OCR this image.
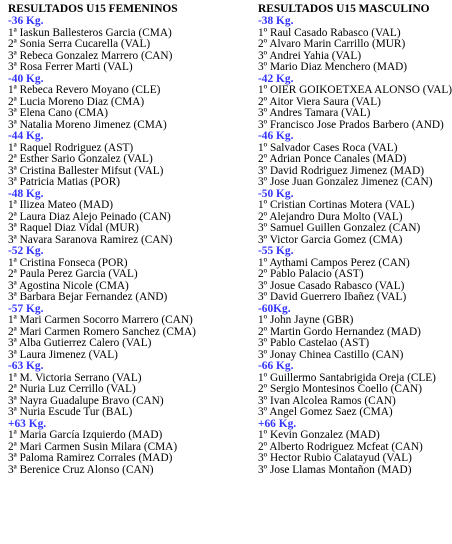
RESULTADOS U15 FEMENINOS
-36 Kg.
1ª Iaskun Ballesteros Garcia (CMA)
2ª Sonia Serra Cucarella (VAL)
3ª Rebeca Gonzalez Marrero (CAN)
3ª Rosa Ferrer Marti (VAL)
-40 Kg.
1ª Rebeca Revero Moyano (CLE)
2ª Lucia Moreno Diaz (CMA)
3ª Elena Cano (CMA)
3ª Natalia Moreno Jimenez (CMA)
-44 Kg.
1ª Raquel Rodriguez (AST)
2ª Esther Sario Gonzalez (VAL)
3ª Cristina Ballester Mifsut (VAL)
3ª Patricia Matias (POR)
-48 Kg.
1ª Ilizea Mateo (MAD)
2ª Laura Diaz Alejo Peinado (CAN)
3ª Raquel Diaz Vidal (MUR)
3ª Navara Saranova Ramirez (CAN)
-52 Kg.
1ª Cristina Fonseca (POR)
2ª Paula Perez Garcia (VAL)
3ª Agostina Nicole (CMA)
3ª Barbara Bejar Fernandez (AND)
-57 Kg.
1ª Mari Carmen Socorro Marrero (CAN)
2ª Mari Carmen Romero Sanchez (CMA)
3ª Alba Gutierrez Calero (VAL)
3ª Laura Jimenez (VAL)
-63 Kg.
1ª M. Victoria Serrano (VAL)
2ª Nuria Luz Cerrillo (VAL)
3ª Nayra Guadalupe Bravo (CAN)
3ª Nuria Escude Tur (BAL)
+63 Kg.
1ª Maria García Izquierdo (MAD)
2ª Mari Carmen Susin Milara (CMA)
3ª Paloma Ramirez Corrales (MAD)
3ª Berenice Cruz Alonso (CAN)
RESULTADOS U15 MASCULINO
-38 Kg.
1º Raul Casado Rabasco (VAL)
2º Alvaro Marin Carrillo (MUR)
3º Andrei Yahia (VAL)
3º Mario Diaz Menchero (MAD)
-42 Kg.
1º OIER GOIKOETXEA ALONSO (VAL)
2º Aitor Viera Saura (VAL)
3º Andres Tamara (VAL)
3º Francisco Jose Prados Barbero (AND)
-46 Kg.
1º Salvador Cases Roca (VAL)
2º Adrian Ponce Canales (MAD)
3º David Rodriguez Jimenez (MAD)
3º Jose Juan Gonzalez Jimenez (CAN)
-50 Kg.
1º Cristian Cortinas Motera (VAL)
2º Alejandro Dura Molto (VAL)
3º Samuel Guillen Gonzalez (CAN)
3º Victor Garcia Gomez (CMA)
-55 Kg.
1º Aythami Campos Perez (CAN)
2º Pablo Palacio (AST)
3º Josue Casado Rabasco (VAL)
3º David Guerrero Ibañez (VAL)
-60Kg.
1º John Jayne (GBR)
2º Martin Gordo Hernandez (MAD)
3º Pablo Castelao (AST)
3º Jonay Chinea Castillo (CAN)
-66 Kg.
1º Guillermo Santabrigida Oreja (CLE)
2º Sergio Montesinos Coello (CAN)
3º Ivan Alcolea Ramos (CAN)
3º Angel Gomez Saez (CMA)
+66 Kg.
1º Kevin Gonzalez (MAD)
2º Alberto Rodriguez Mcfeat (CAN)
3º Hector Rubio Calatayud (VAL)
3º Jose Llamas Montañon (MAD)
